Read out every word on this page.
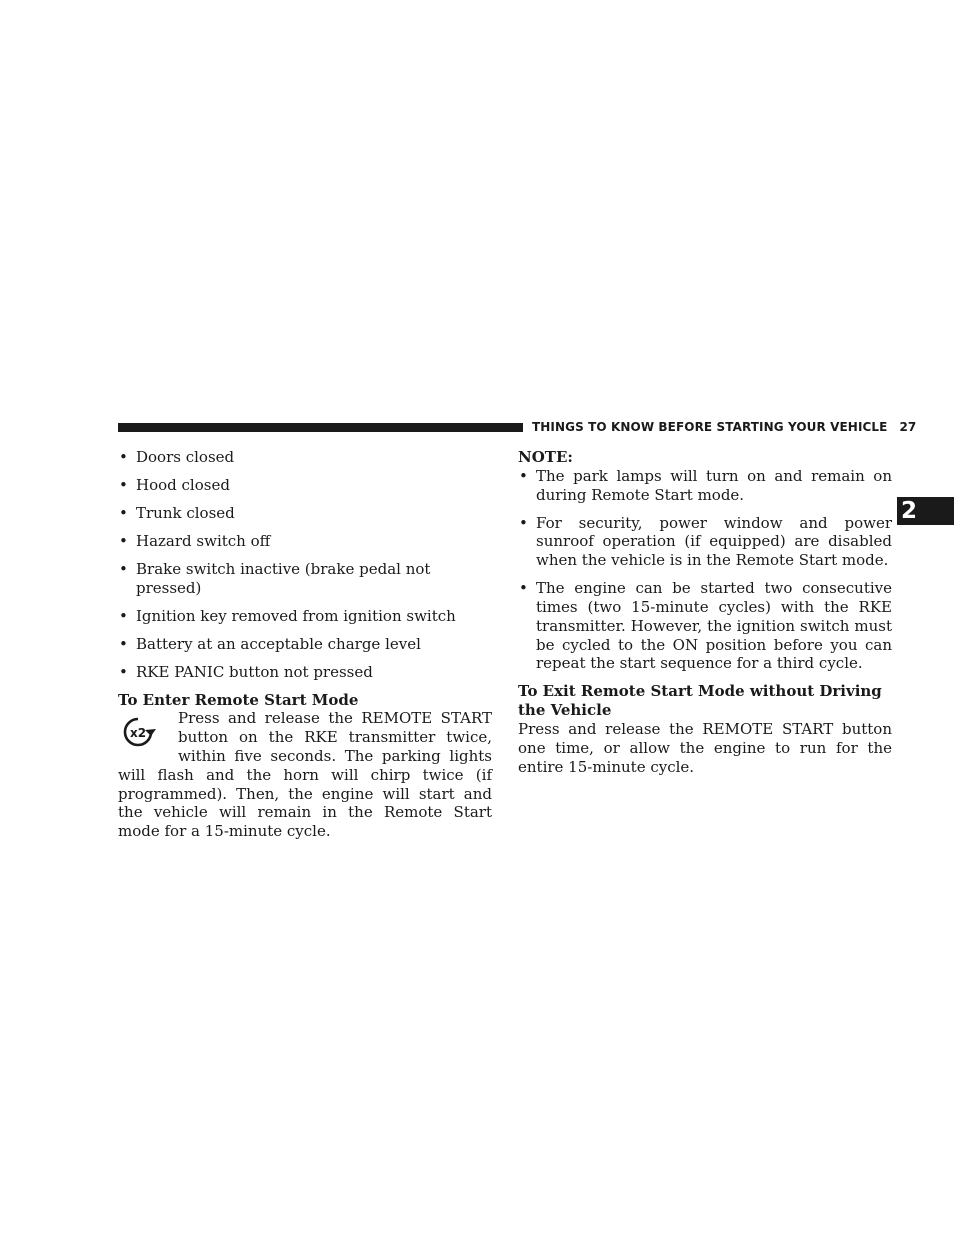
THINGS TO KNOW BEFORE STARTING YOUR VEHICLE 27
2
• Doors closed
• Hood closed
• Trunk closed
• Hazard switch off
• Brake switch inactive (brake pedal not pressed)
• Ignition key removed from ignition switch
• Battery at an acceptable charge level
• RKE PANIC button not pressed

To Enter Remote Start Mode

x2

Press and release the REMOTE START button on the RKE transmitter twice, within five seconds. The parking lights will flash and the horn will chirp twice (if programmed). Then, the engine will start and the vehicle will remain in the Remote Start mode for a 15-minute cycle.

NOTE:
• The park lamps will turn on and remain on during Remote Start mode.
• For security, power window and power sunroof operation (if equipped) are disabled when the vehicle is in the Remote Start mode.
• The engine can be started two consecutive times (two 15-minute cycles) with the RKE transmitter. However, the ignition switch must be cycled to the ON position before you can repeat the start sequence for a third cycle.

To Exit Remote Start Mode without Driving the Vehicle

Press and release the REMOTE START button one time, or allow the engine to run for the entire 15-minute cycle.
